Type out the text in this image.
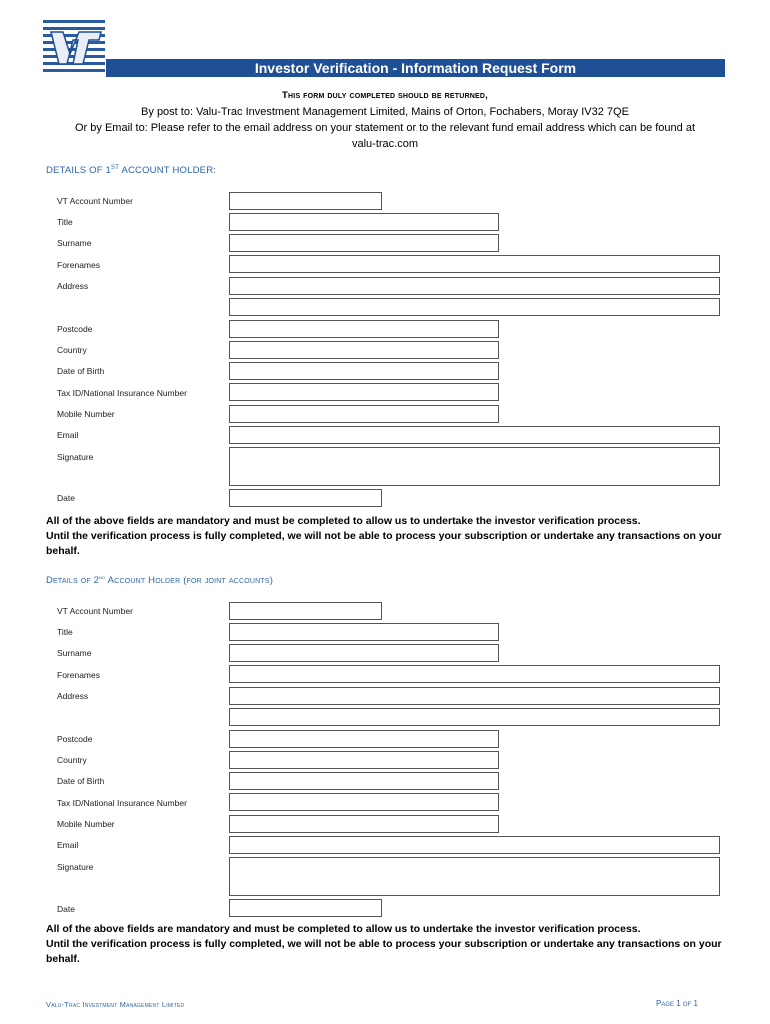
Investor Verification - Information Request Form
This form duly completed should be returned,
By post to: Valu-Trac Investment Management Limited, Mains of Orton, Fochabers, Moray IV32 7QE
Or by Email to: Please refer to the email address on your statement or to the relevant fund email address which can be found at
valu-trac.com
DETAILS OF 1ST ACCOUNT HOLDER:
VT Account Number
Title
Surname
Forenames
Address
Postcode
Country
Date of Birth
Tax ID/National Insurance Number
Mobile Number
Email
Signature
Date
All of the above fields are mandatory and must be completed to allow us to undertake the investor verification process.
Until the verification process is fully completed, we will not be able to process your subscription or undertake any transactions on your behalf.
Details of 2nd Account Holder (for joint accounts)
VT Account Number
Title
Surname
Forenames
Address
Postcode
Country
Date of Birth
Tax ID/National Insurance Number
Mobile Number
Email
Signature
Date
All of the above fields are mandatory and must be completed to allow us to undertake the investor verification process.
Until the verification process is fully completed, we will not be able to process your subscription or undertake any transactions on your behalf.
Valu-Trac Investment Management Limited	Page 1 of 1
